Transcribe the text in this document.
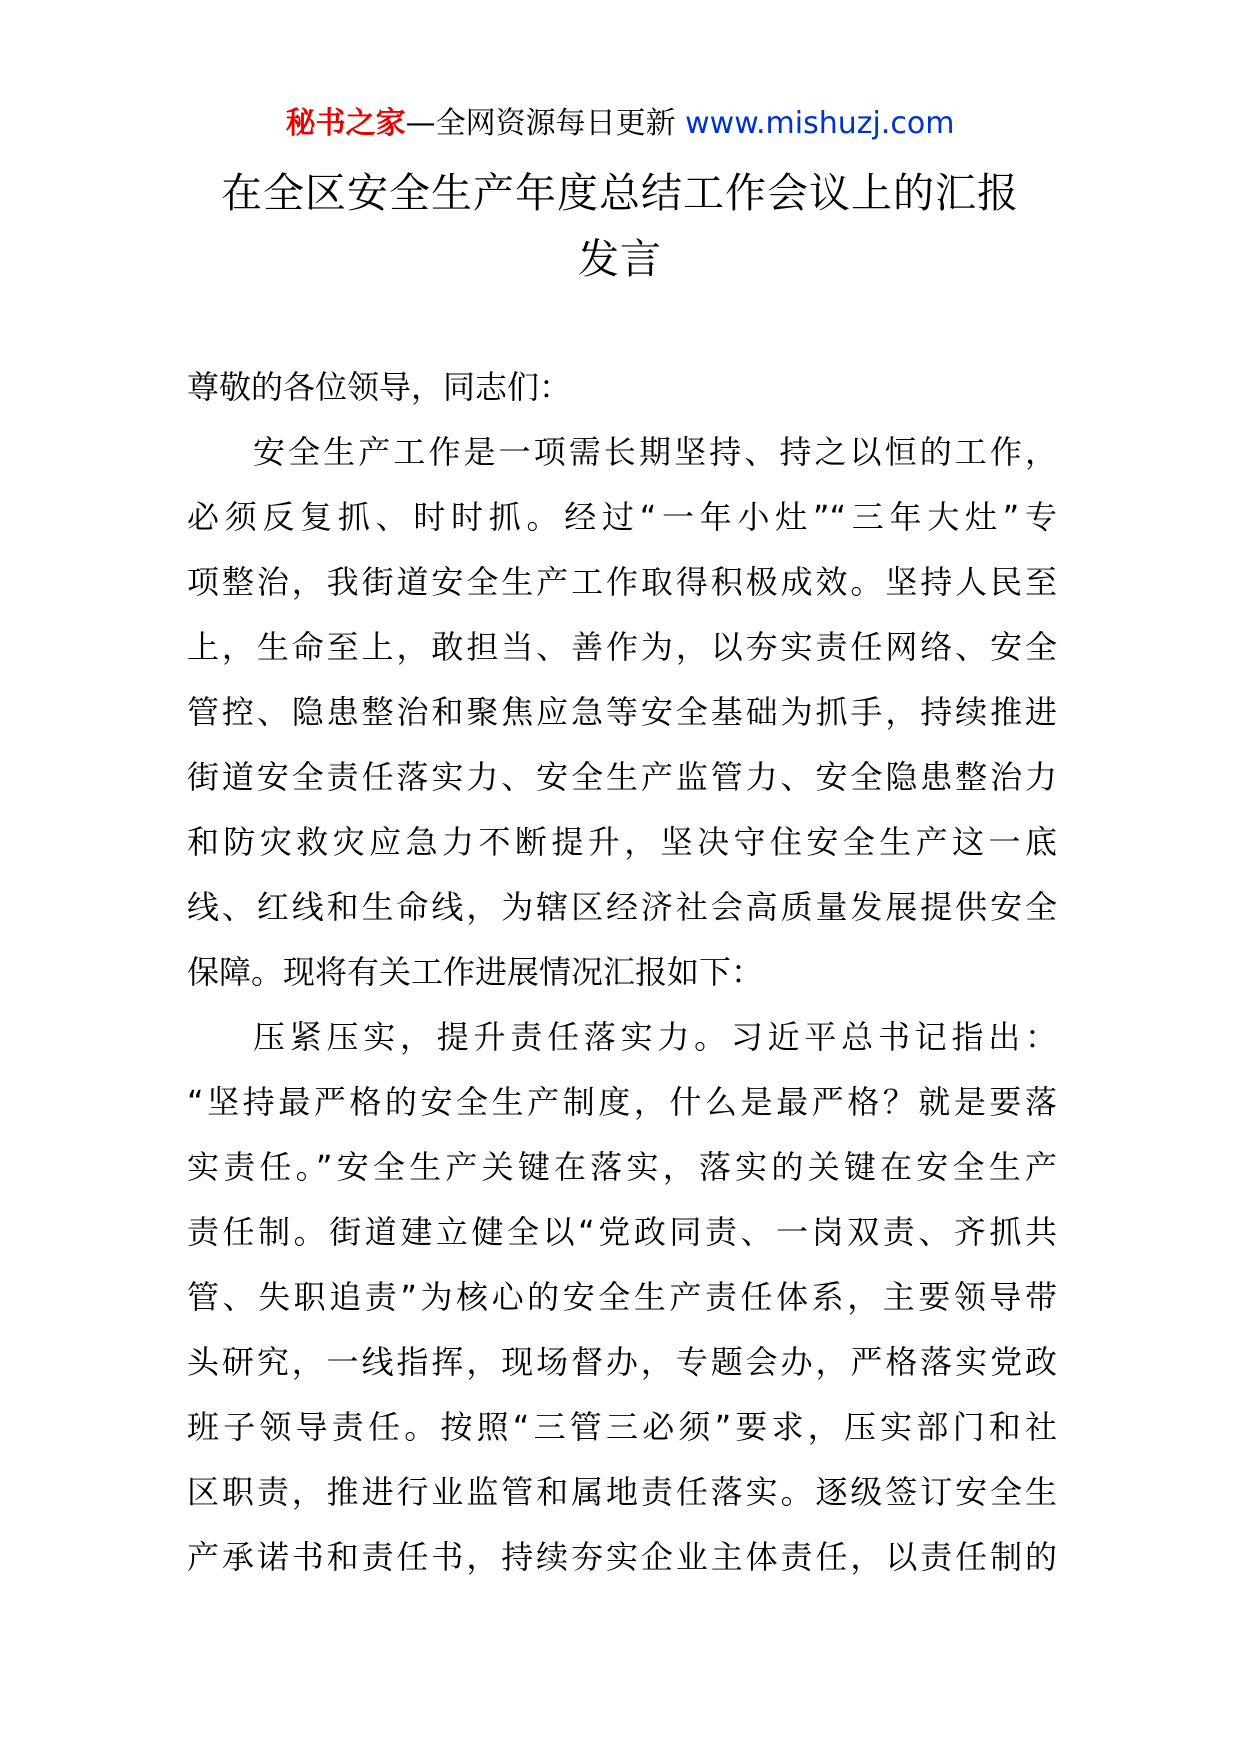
秘书之家—全网资源每日更新 www.mishuzj.com
在全区安全生产年度总结工作会议上的汇报
发言
尊敬的各位领导，同志们：
安全生产工作是一项需长期坚持、持之以恒的工作，
必须反复抓、时时抓。经过“一年小灶”“三年大灶”专
项整治，我街道安全生产工作取得积极成效。坚持人民至
上，生命至上，敢担当、善作为，以夯实责任网络、安全
管控、隐患整治和聚焦应急等安全基础为抓手，持续推进
街道安全责任落实力、安全生产监管力、安全隐患整治力
和防灾救灾应急力不断提升，坚决守住安全生产这一底
线、红线和生命线，为辖区经济社会高质量发展提供安全
保障。现将有关工作进展情况汇报如下：
压紧压实，提升责任落实力。习近平总书记指出：
“坚持最严格的安全生产制度，什么是最严格？就是要落
实责任。”安全生产关键在落实，落实的关键在安全生产
责任制。街道建立健全以“党政同责、一岗双责、齐抓共
管、失职追责”为核心的安全生产责任体系，主要领导带
头研究，一线指挥，现场督办，专题会办，严格落实党政
班子领导责任。按照“三管三必须”要求，压实部门和社
区职责，推进行业监管和属地责任落实。逐级签订安全生
产承诺书和责任书，持续夯实企业主体责任，以责任制的
